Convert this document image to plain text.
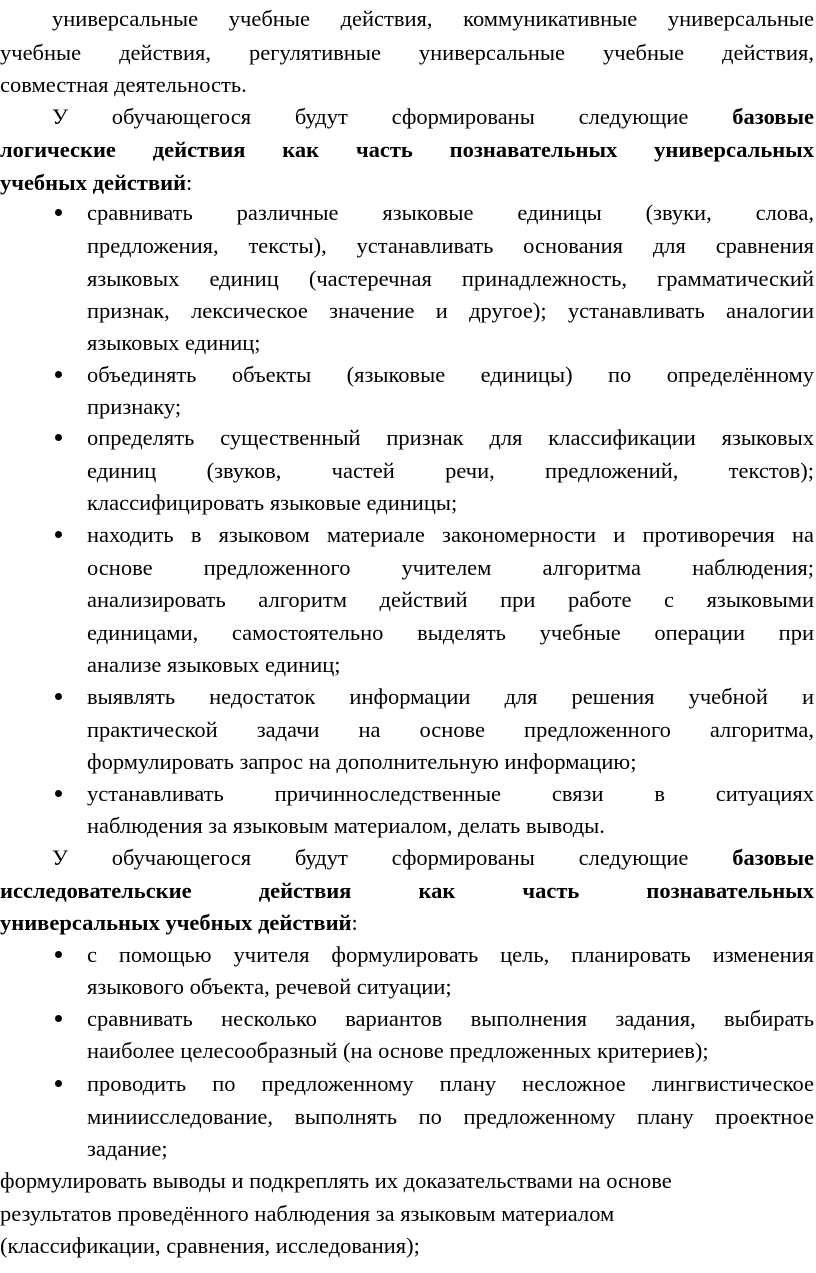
универсальные учебные действия, коммуникативные универсальные
учебные действия, регулятивные универсальные учебные действия,
совместная деятельность.
У обучающегося будут сформированы следующие базовые
логические действия как часть познавательных универсальных
учебных действий:
сравнивать различные языковые единицы (звуки, слова,
предложения, тексты), устанавливать основания для сравнения
языковых единиц (частеречная принадлежность, грамматический
признак, лексическое значение и другое); устанавливать аналогии
языковых единиц;
объединять объекты (языковые единицы) по определённому
признаку;
определять существенный признак для классификации языковых
единиц (звуков, частей речи, предложений, текстов);
классифицировать языковые единицы;
находить в языковом материале закономерности и противоречия на
основе предложенного учителем алгоритма наблюдения;
анализировать алгоритм действий при работе с языковыми
единицами, самостоятельно выделять учебные операции при
анализе языковых единиц;
выявлять недостаток информации для решения учебной и
практической задачи на основе предложенного алгоритма,
формулировать запрос на дополнительную информацию;
устанавливать причинноследственные связи в ситуациях
наблюдения за языковым материалом, делать выводы.
У обучающегося будут сформированы следующие базовые
исследовательские действия как часть познавательных
универсальных учебных действий:
с помощью учителя формулировать цель, планировать изменения
языкового объекта, речевой ситуации;
сравнивать несколько вариантов выполнения задания, выбирать
наиболее целесообразный (на основе предложенных критериев);
проводить по предложенному плану несложное лингвистическое
миниисследование, выполнять по предложенному плану проектное
задание;
формулировать выводы и подкреплять их доказательствами на основе
результатов проведённого наблюдения за языковым материалом
(классификации, сравнения, исследования);
